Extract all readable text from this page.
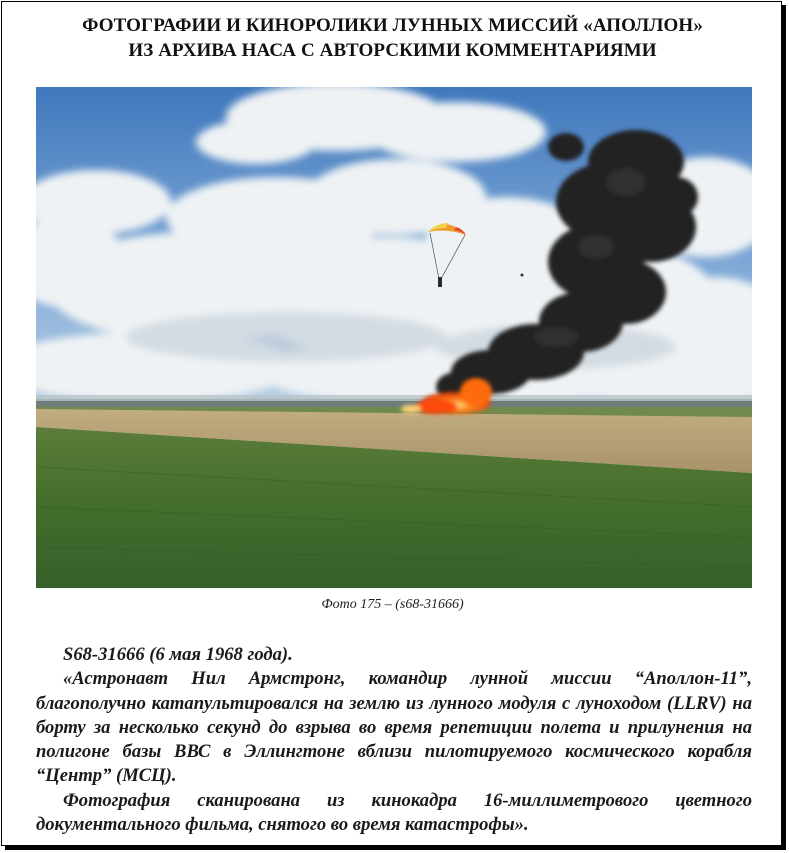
ФОТОГРАФИИ И КИНОРОЛИКИ ЛУННЫХ МИССИЙ «АПОЛЛОН»
ИЗ АРХИВА НАСА С АВТОРСКИМИ КОММЕНТАРИЯМИ
Фото 175 – (s68-31666)

S68-31666 (6 мая 1968 года).

«Астронавт Нил Армстронг, командир лунной миссии “Аполлон-11”, благополучно катапультировался на землю из лунного модуля с луноходом (LLRV) на борту за несколько секунд до взрыва во время репетиции полета и прилунения на полигоне базы ВВС в Эллингтоне вблизи пилотируемого космического корабля “Центр” (МСЦ).

Фотография сканирована из кинокадра 16-миллиметрового цветного документального фильма, снятого во время катастрофы».
